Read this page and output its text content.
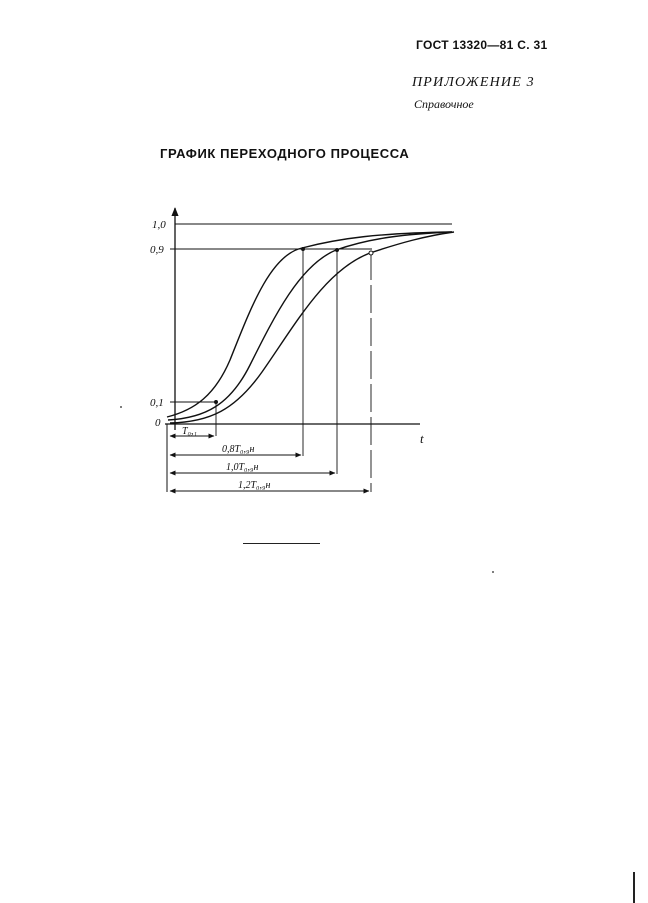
ГОСТ 13320—81 С. 31
ПРИЛОЖЕНИЕ 3
Справочное
ГРАФИК ПЕРЕХОДНОГО ПРОЦЕССА
1,0
0,9
0,1
0
t
T₀,₁
0,8T₀,₉н
1,0T₀,₉н
1,2T₀,₉н
